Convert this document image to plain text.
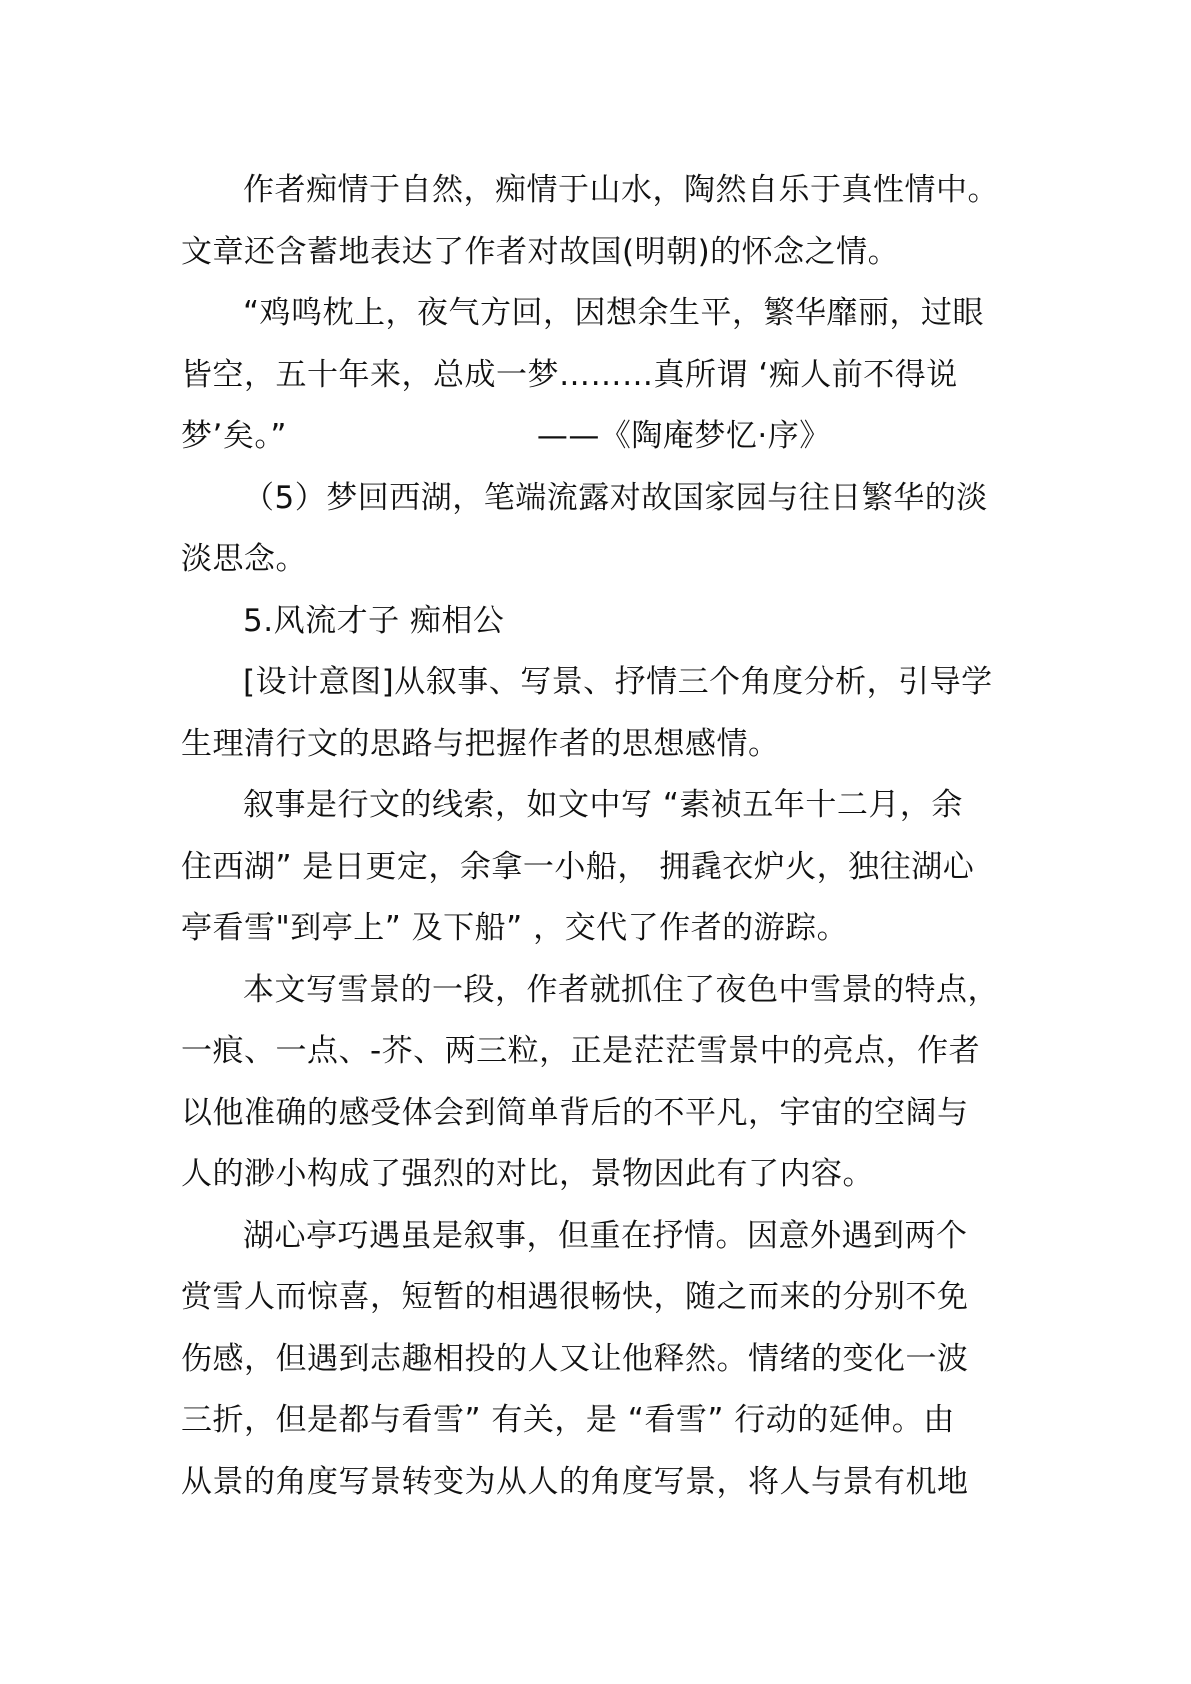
作者痴情于自然，痴情于山水，陶然自乐于真性情中。
文章还含蓄地表达了作者对故国(明朝)的怀念之情。
“鸡鸣枕上，夜气方回，因想余生平，繁华靡丽，过眼
皆空，五十年来，总成一梦………真所谓 ‘痴人前不得说
梦’矣。”	——《陶庵梦忆·序》
（5）梦回西湖，笔端流露对故国家园与往日繁华的淡
淡思念。
5.风流才子 痴相公
[设计意图]从叙事、写景、抒情三个角度分析，引导学
生理清行文的思路与把握作者的思想感情。
叙事是行文的线索，如文中写 “素祯五年十二月，余
住西湖” 是日更定，余拿一小船， 拥毳衣炉火，独往湖心
亭看雪"到亭上” 及下船” ，交代了作者的游踪。
本文写雪景的一段，作者就抓住了夜色中雪景的特点，
一痕、一点、-芥、两三粒，正是茫茫雪景中的亮点，作者
以他准确的感受体会到简单背后的不平凡，宇宙的空阔与
人的渺小构成了强烈的对比，景物因此有了内容。
湖心亭巧遇虽是叙事，但重在抒情。因意外遇到两个
赏雪人而惊喜，短暂的相遇很畅快，随之而来的分别不免
伤感，但遇到志趣相投的人又让他释然。情绪的变化一波
三折，但是都与看雪” 有关，是 “看雪” 行动的延伸。由
从景的角度写景转变为从人的角度写景，将人与景有机地
